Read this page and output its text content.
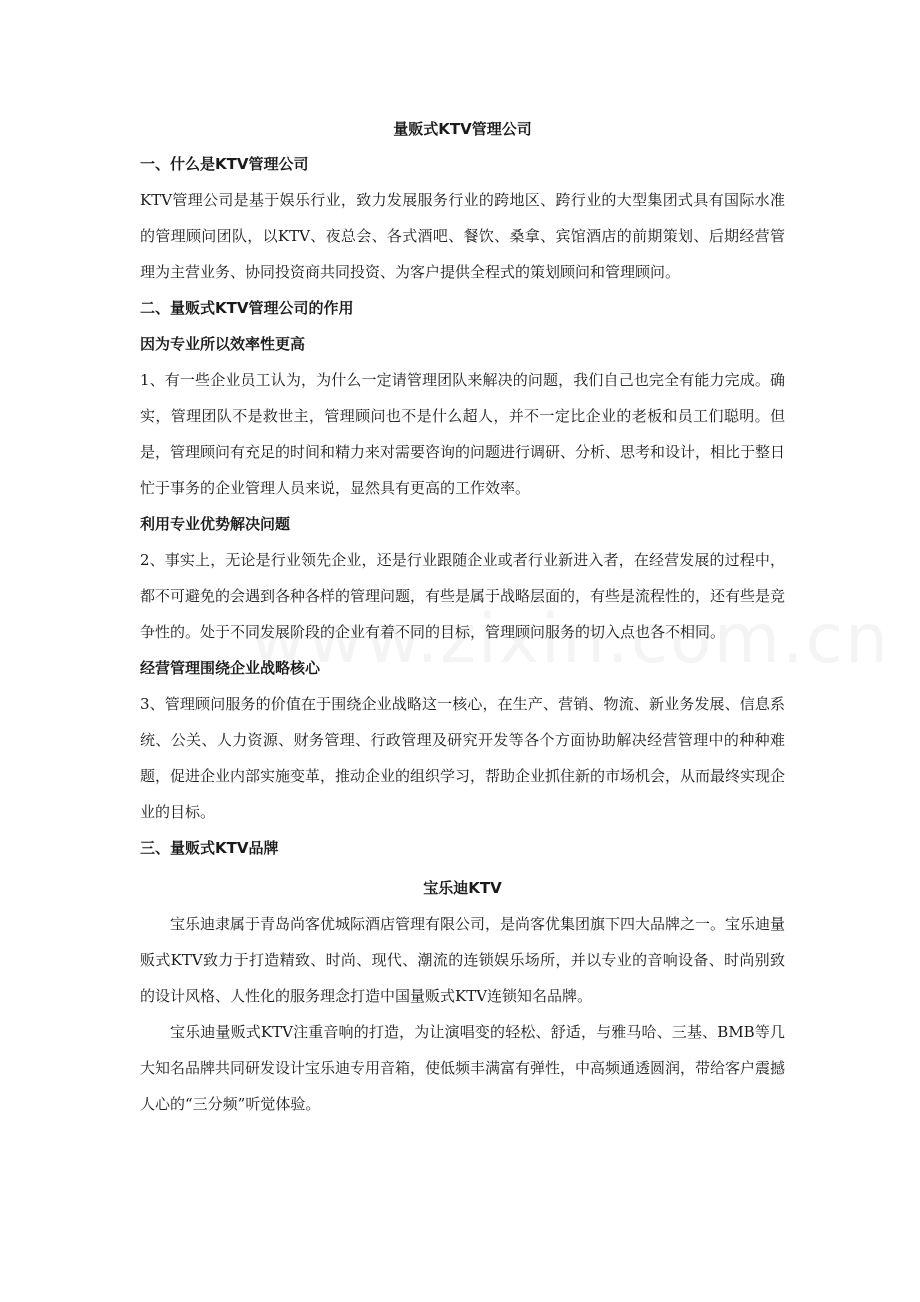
量贩式KTV管理公司
一、什么是KTV管理公司

KTV管理公司是基于娱乐行业，致力发展服务行业的跨地区、跨行业的大型集团式具有国际水准的管理顾问团队，以KTV、夜总会、各式酒吧、餐饮、桑拿、宾馆酒店的前期策划、后期经营管理为主营业务、协同投资商共同投资、为客户提供全程式的策划顾问和管理顾问。

二、量贩式KTV管理公司的作用
因为专业所以效率性更高

1、有一些企业员工认为，为什么一定请管理团队来解决的问题，我们自己也完全有能力完成。确实，管理团队不是救世主，管理顾问也不是什么超人，并不一定比企业的老板和员工们聪明。但是，管理顾问有充足的时间和精力来对需要咨询的问题进行调研、分析、思考和设计，相比于整日忙于事务的企业管理人员来说，显然具有更高的工作效率。

利用专业优势解决问题

2、事实上，无论是行业领先企业，还是行业跟随企业或者行业新进入者，在经营发展的过程中，都不可避免的会遇到各种各样的管理问题，有些是属于战略层面的，有些是流程性的，还有些是竞争性的。处于不同发展阶段的企业有着不同的目标，管理顾问服务的切入点也各不相同。

经营管理围绕企业战略核心

3、管理顾问服务的价值在于围绕企业战略这一核心，在生产、营销、物流、新业务发展、信息系统、公关、人力资源、财务管理、行政管理及研究开发等各个方面协助解决经营管理中的种种难题，促进企业内部实施变革，推动企业的组织学习，帮助企业抓住新的市场机会，从而最终实现企业的目标。

三、量贩式KTV品牌
宝乐迪KTV

宝乐迪隶属于青岛尚客优城际酒店管理有限公司，是尚客优集团旗下四大品牌之一。宝乐迪量贩式KTV致力于打造精致、时尚、现代、潮流的连锁娱乐场所，并以专业的音响设备、时尚别致的设计风格、人性化的服务理念打造中国量贩式KTV连锁知名品牌。

宝乐迪量贩式KTV注重音响的打造，为让演唱变的轻松、舒适，与雅马哈、三基、BMB等几大知名品牌共同研发设计宝乐迪专用音箱，使低频丰满富有弹性，中高频通透圆润，带给客户震撼人心的“三分频”听觉体验。
